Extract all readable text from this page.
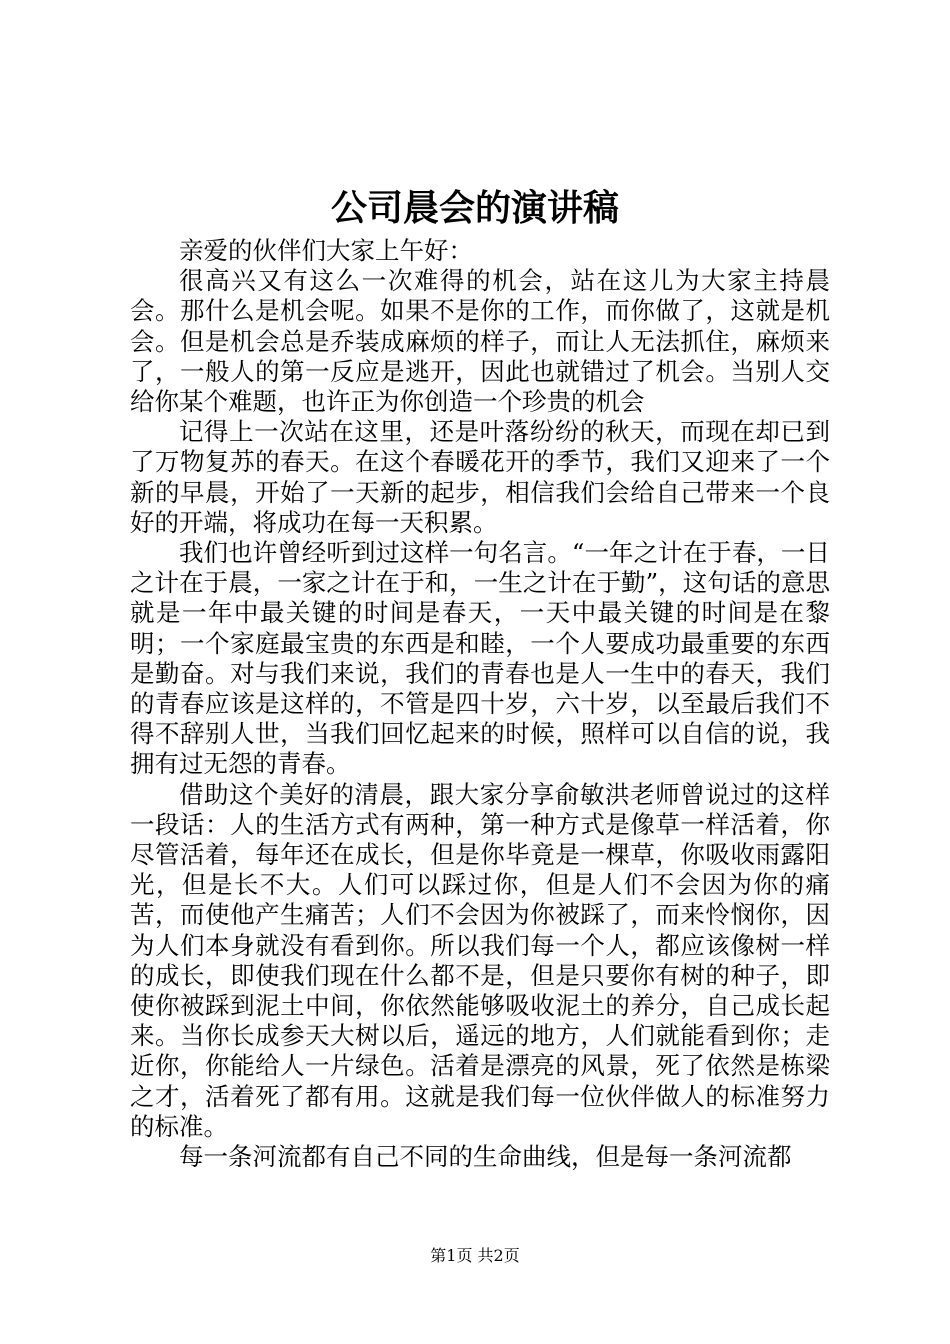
公司晨会的演讲稿

亲爱的伙伴们大家上午好：

很高兴又有这么一次难得的机会，站在这儿为大家主持晨会。那什么是机会呢。如果不是你的工作，而你做了，这就是机会。但是机会总是乔装成麻烦的样子，而让人无法抓住，麻烦来了，一般人的第一反应是逃开，因此也就错过了机会。当别人交给你某个难题，也许正为你创造一个珍贵的机会

记得上一次站在这里，还是叶落纷纷的秋天，而现在却已到了万物复苏的春天。在这个春暖花开的季节，我们又迎来了一个新的早晨，开始了一天新的起步，相信我们会给自己带来一个良好的开端，将成功在每一天积累。

我们也许曾经听到过这样一句名言。“一年之计在于春，一日之计在于晨，一家之计在于和，一生之计在于勤”，这句话的意思就是一年中最关键的时间是春天，一天中最关键的时间是在黎明；一个家庭最宝贵的东西是和睦，一个人要成功最重要的东西是勤奋。对与我们来说，我们的青春也是人一生中的春天，我们的青春应该是这样的，不管是四十岁，六十岁，以至最后我们不得不辞别人世，当我们回忆起来的时候，照样可以自信的说，我拥有过无怨的青春。

借助这个美好的清晨，跟大家分享俞敏洪老师曾说过的这样一段话：人的生活方式有两种，第一种方式是像草一样活着，你尽管活着，每年还在成长，但是你毕竟是一棵草，你吸收雨露阳光，但是长不大。人们可以踩过你，但是人们不会因为你的痛苦，而使他产生痛苦；人们不会因为你被踩了，而来怜悯你，因为人们本身就没有看到你。所以我们每一个人，都应该像树一样的成长，即使我们现在什么都不是，但是只要你有树的种子，即使你被踩到泥土中间，你依然能够吸收泥土的养分，自己成长起来。当你长成参天大树以后，遥远的地方，人们就能看到你；走近你，你能给人一片绿色。活着是漂亮的风景，死了依然是栋梁之才，活着死了都有用。这就是我们每一位伙伴做人的标准努力的标准。

每一条河流都有自己不同的生命曲线，但是每一条河流都

第1页 共2页
